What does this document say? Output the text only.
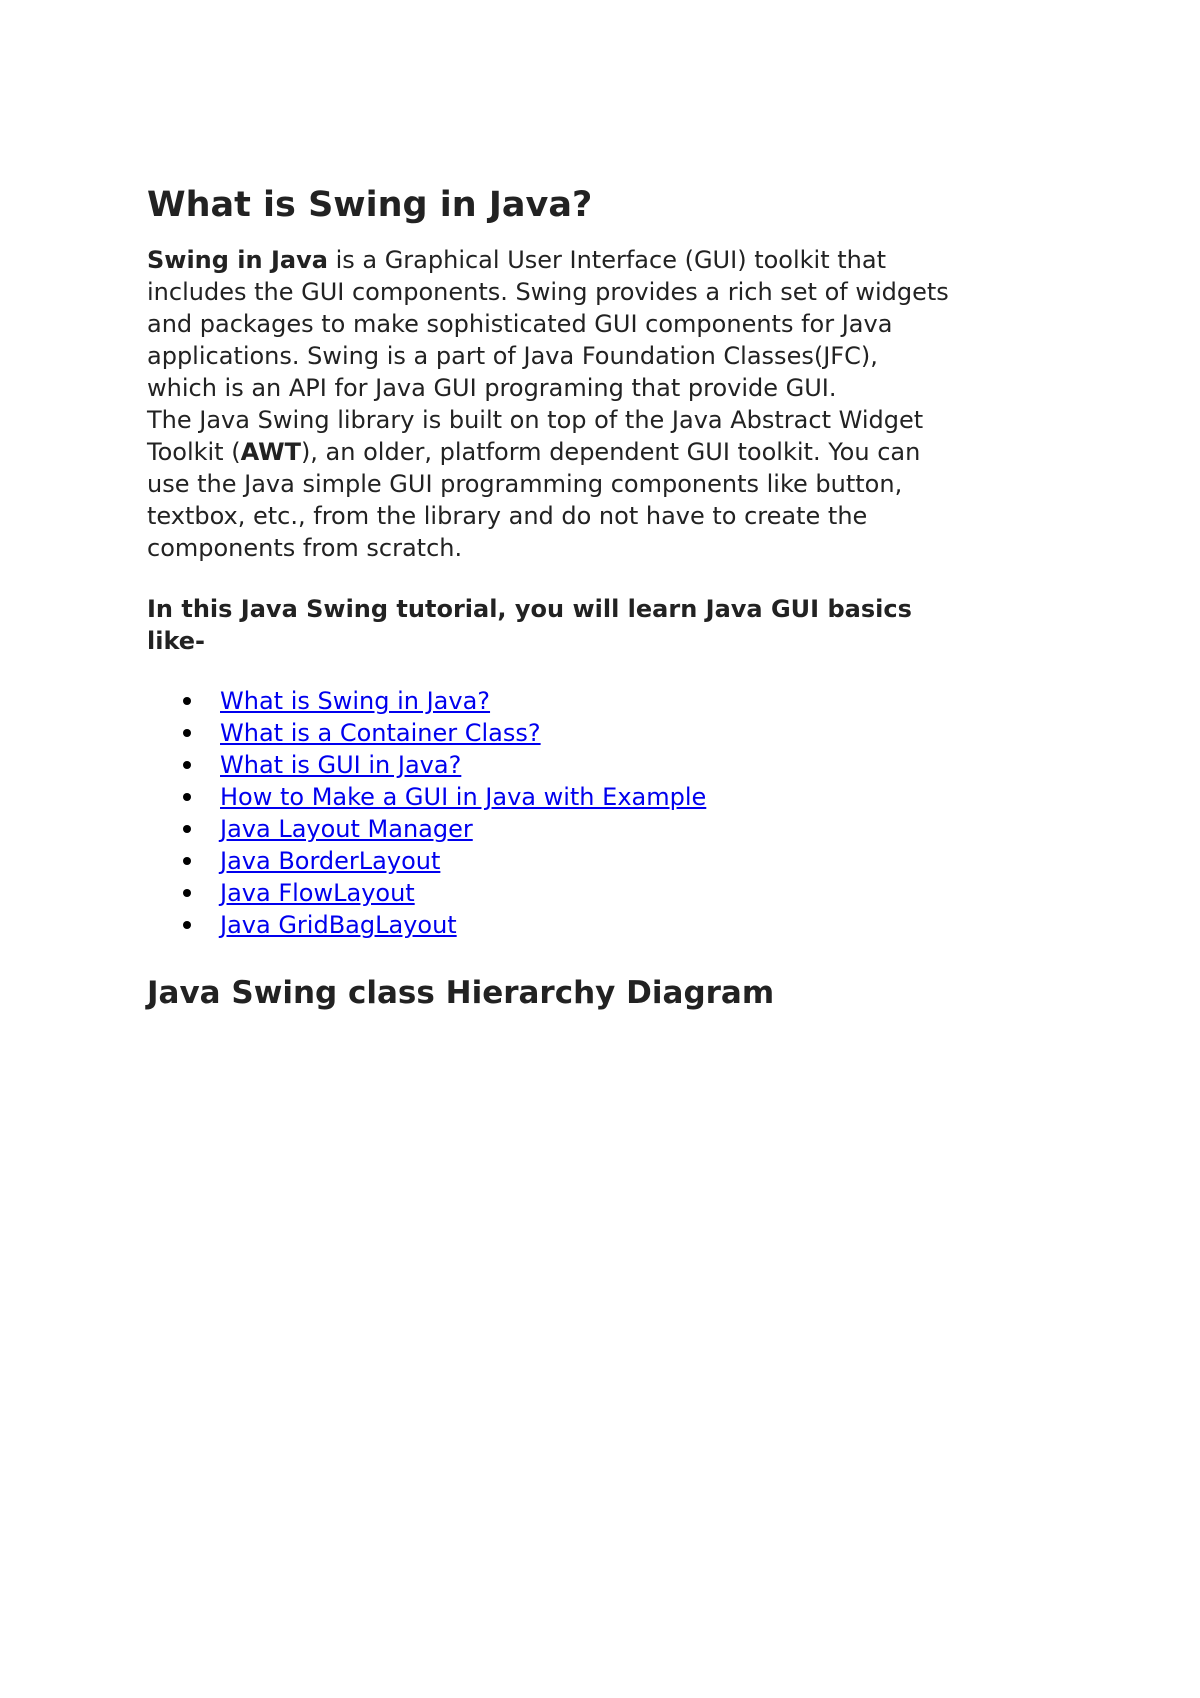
What is Swing in Java?
Swing in Java is a Graphical User Interface (GUI) toolkit that
includes the GUI components. Swing provides a rich set of widgets
and packages to make sophisticated GUI components for Java
applications. Swing is a part of Java Foundation Classes(JFC),
which is an API for Java GUI programing that provide GUI.
The Java Swing library is built on top of the Java Abstract Widget
Toolkit (AWT), an older, platform dependent GUI toolkit. You can
use the Java simple GUI programming components like button,
textbox, etc., from the library and do not have to create the
components from scratch.
In this Java Swing tutorial, you will learn Java GUI basics
like-
What is Swing in Java?
What is a Container Class?
What is GUI in Java?
How to Make a GUI in Java with Example
Java Layout Manager
Java BorderLayout
Java FlowLayout
Java GridBagLayout
Java Swing class Hierarchy Diagram
